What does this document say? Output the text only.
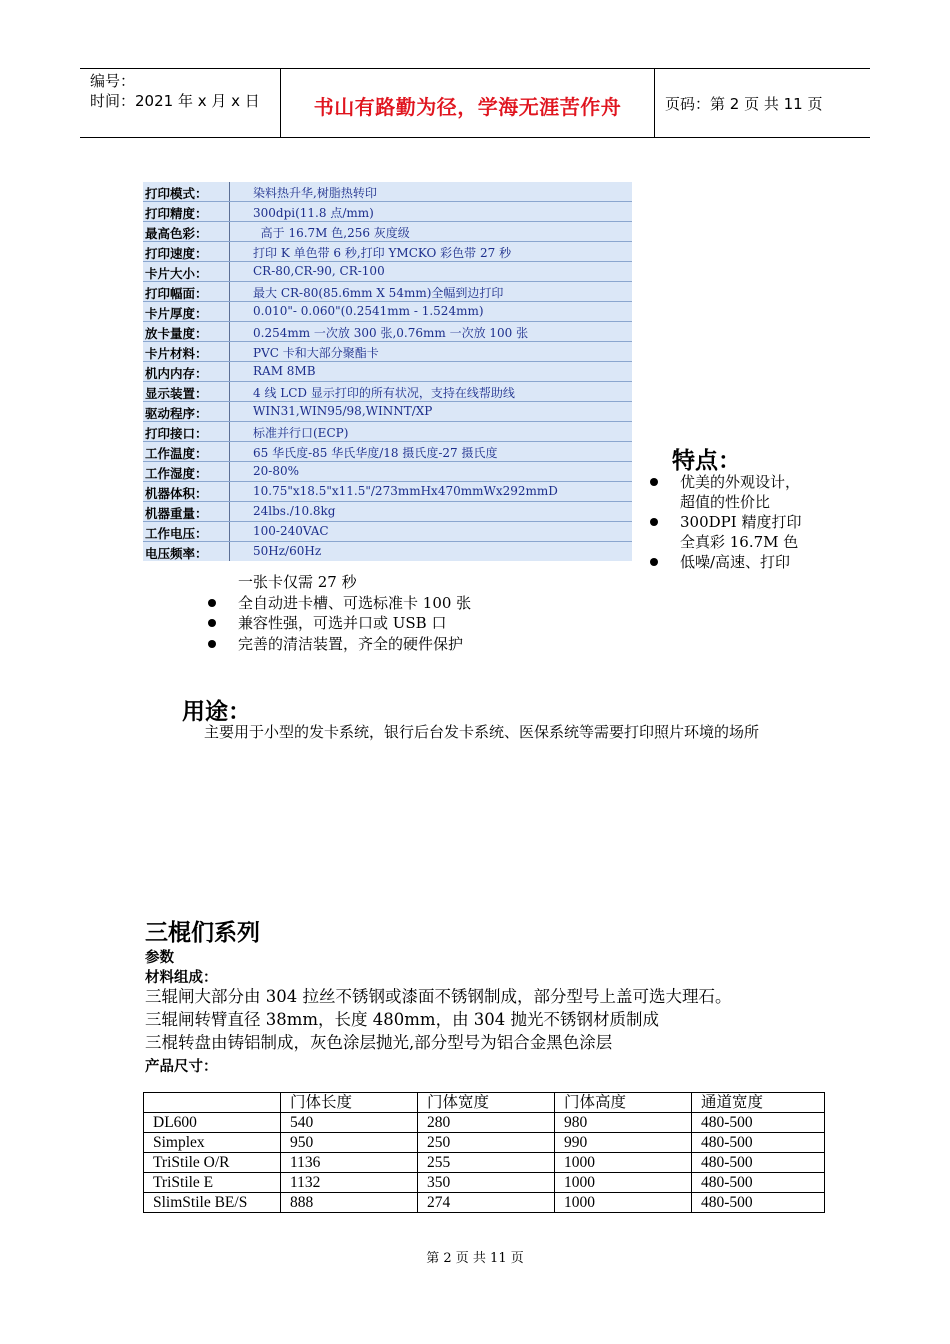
编号：
时间：2021 年 x 月 x 日	书山有路勤为径，学海无涯苦作舟	页码：第 2 页 共 11 页
打印模式：	染料热升华,树脂热转印
打印精度：	300dpi(11.8 点/mm)
最高色彩：	高于 16.7M 色,256 灰度级
打印速度：	打印 K 单色带 6 秒,打印 YMCKO 彩色带 27 秒
卡片大小：	CR-80,CR-90, CR-100
打印幅面：	最大 CR-80(85.6mm X 54mm)全幅到边打印
卡片厚度：	0.010"- 0.060"(0.2541mm - 1.524mm)
放卡量度：	0.254mm 一次放 300 张,0.76mm 一次放 100 张
卡片材料：	PVC 卡和大部分聚酯卡
机内内存：	RAM 8MB
显示装置：	4 线 LCD 显示打印的所有状况，支持在线帮助线
驱动程序：	WIN31,WIN95/98,WINNT/XP
打印接口：	标准并行口(ECP)
工作温度：	65 华氏度-85 华氏华度/18 摄氏度-27 摄氏度
工作湿度：	20-80%
机器体积：	10.75"x18.5"x11.5"/273mmHx470mmWx292mmD
机器重量：	24lbs./10.8kg
工作电压：	100-240VAC
电压频率：	50Hz/60Hz
特点：
优美的外观设计，
超值的性价比
300DPI 精度打印
全真彩 16.7M 色
低噪/高速、打印
一张卡仅需 27 秒
全自动进卡槽、可选标准卡 100 张
兼容性强，可选并口或 USB 口
完善的清洁装置，齐全的硬件保护
用途：
主要用于小型的发卡系统，银行后台发卡系统、医保系统等需要打印照片环境的场所
三棍们系列
参数
材料组成：
三辊闸大部分由 304 拉丝不锈钢或漆面不锈钢制成，部分型号上盖可选大理石。
三辊闸转臂直径 38mm，长度 480mm，由 304 抛光不锈钢材质制成
三棍转盘由铸铝制成，灰色涂层抛光,部分型号为铝合金黑色涂层
产品尺寸：
	门体长度	门体宽度	门体高度	通道宽度
DL600	540	280	980	480-500
Simplex	950	250	990	480-500
TriStile O/R	1136	255	1000	480-500
TriStile E	1132	350	1000	480-500
SlimStile BE/S	888	274	1000	480-500
第 2 页 共 11 页
